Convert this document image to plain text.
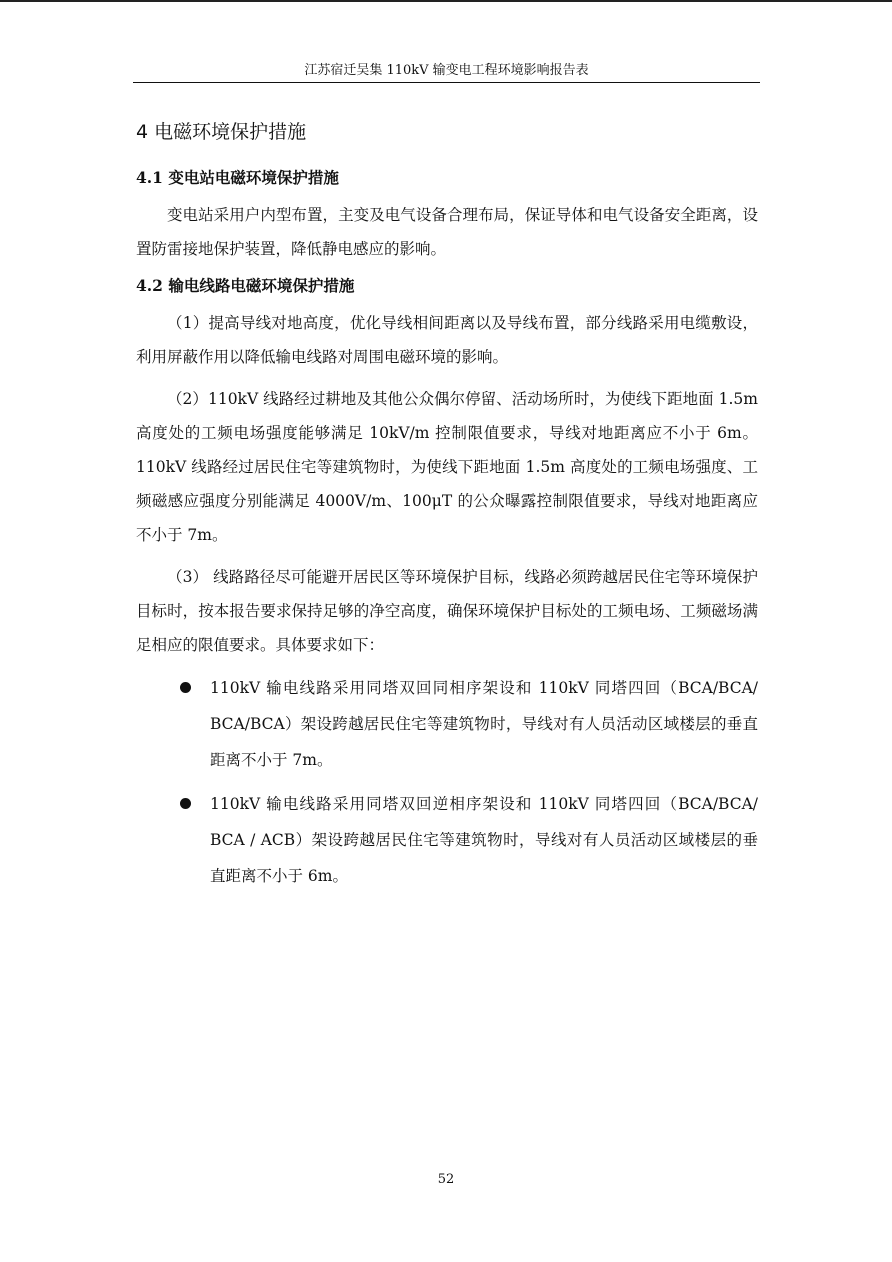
江苏宿迁吴集 110kV 输变电工程环境影响报告表
4 电磁环境保护措施
4.1 变电站电磁环境保护措施

变电站采用户内型布置，主变及电气设备合理布局，保证导体和电气设备安全距离，设置防雷接地保护装置，降低静电感应的影响。

4.2 输电线路电磁环境保护措施

（1）提高导线对地高度，优化导线相间距离以及导线布置，部分线路采用电缆敷设，利用屏蔽作用以降低输电线路对周围电磁环境的影响。

（2）110kV 线路经过耕地及其他公众偶尔停留、活动场所时，为使线下距地面 1.5m 高度处的工频电场强度能够满足 10kV/m 控制限值要求，导线对地距离应不小于 6m。110kV 线路经过居民住宅等建筑物时，为使线下距地面 1.5m 高度处的工频电场强度、工频磁感应强度分别能满足 4000V/m、100μT 的公众曝露控制限值要求，导线对地距离应不小于 7m。

（3） 线路路径尽可能避开居民区等环境保护目标，线路必须跨越居民住宅等环境保护目标时，按本报告要求保持足够的净空高度，确保环境保护目标处的工频电场、工频磁场满足相应的限值要求。具体要求如下：

110kV 输电线路采用同塔双回同相序架设和 110kV 同塔四回（BCA/BCA/ BCA/BCA）架设跨越居民住宅等建筑物时，导线对有人员活动区域楼层的垂直距离不小于 7m。
110kV 输电线路采用同塔双回逆相序架设和 110kV 同塔四回（BCA/BCA/ BCA / ACB）架设跨越居民住宅等建筑物时，导线对有人员活动区域楼层的垂直距离不小于 6m。
52
